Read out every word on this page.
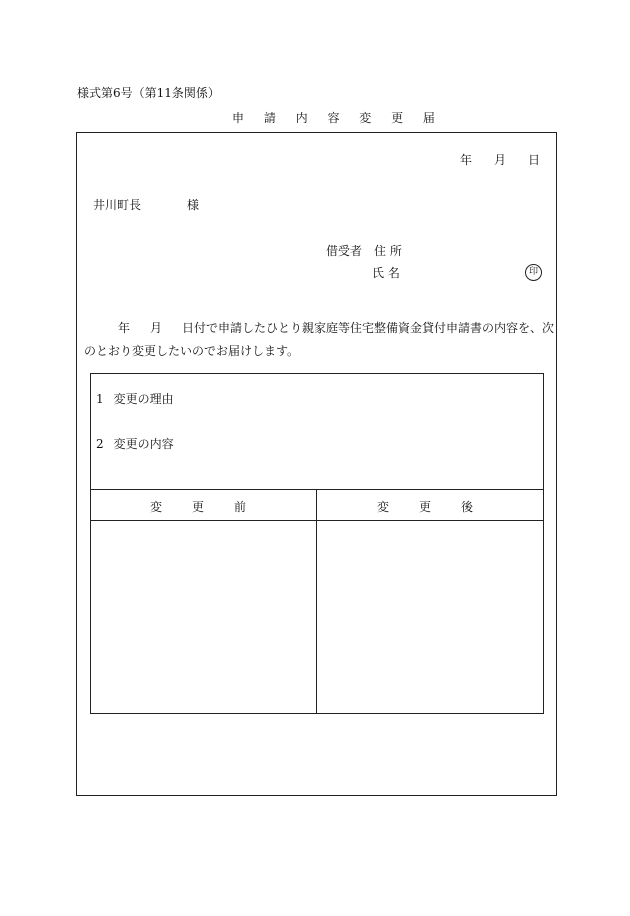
様式第6号（第11条関係）
申 請 内 容 変 更 届
年 月 日
井川町長	様
借受者 住 所
氏 名	印
年 月 日付で申請したひとり親家庭等住宅整備資金貸付申請書の内容を、次
のとおり変更したいのでお届けします。
1 変更の理由
2 変更の内容
変更前	変更後
